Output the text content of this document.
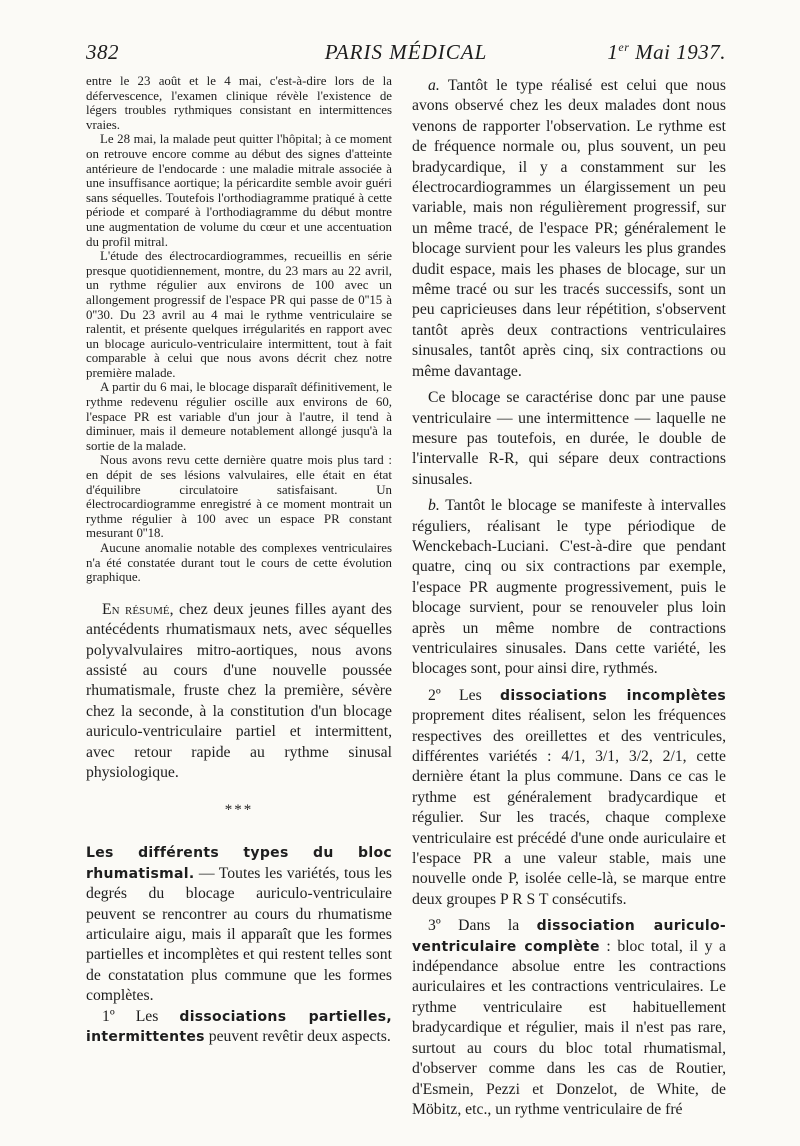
382	PARIS MÉDICAL	1er Mai 1937.

entre le 23 août et le 4 mai, c'est-à-dire lors de la défervescence, l'examen clinique révèle l'existence de légers troubles rythmiques consistant en intermittences vraies.

Le 28 mai, la malade peut quitter l'hôpital; à ce moment on retrouve encore comme au début des signes d'atteinte antérieure de l'endocarde : une maladie mitrale associée à une insuffisance aortique; la péricardite semble avoir guéri sans séquelles. Toutefois l'orthodiagramme pratiqué à cette période et comparé à l'orthodiagramme du début montre une augmentation de volume du cœur et une accentuation du profil mitral.

L'étude des électrocardiogrammes, recueillis en série presque quotidiennement, montre, du 23 mars au 22 avril, un rythme régulier aux environs de 100 avec un allongement progressif de l'espace PR qui passe de 0''15 à 0''30. Du 23 avril au 4 mai le rythme ventriculaire se ralentit, et présente quelques irrégularités en rapport avec un blocage auriculo-ventriculaire intermittent, tout à fait comparable à celui que nous avons décrit chez notre première malade.

A partir du 6 mai, le blocage disparaît définitivement, le rythme redevenu régulier oscille aux environs de 60, l'espace PR est variable d'un jour à l'autre, il tend à diminuer, mais il demeure notablement allongé jusqu'à la sortie de la malade.

Nous avons revu cette dernière quatre mois plus tard : en dépit de ses lésions valvulaires, elle était en état d'équilibre circulatoire satisfaisant. Un électrocardiogramme enregistré à ce moment montrait un rythme régulier à 100 avec un espace PR constant mesurant 0''18.

Aucune anomalie notable des complexes ventriculaires n'a été constatée durant tout le cours de cette évolution graphique.

En résumé, chez deux jeunes filles ayant des antécédents rhumatismaux nets, avec séquelles polyvalvulaires mitro-aortiques, nous avons assisté au cours d'une nouvelle poussée rhumatismale, fruste chez la première, sévère chez la seconde, à la constitution d'un blocage auriculo-ventriculaire partiel et intermittent, avec retour rapide au rythme sinusal physiologique.

***

Les différents types du bloc rhumatismal. — Toutes les variétés, tous les degrés du blocage auriculo-ventriculaire peuvent se rencontrer au cours du rhumatisme articulaire aigu, mais il apparaît que les formes partielles et incomplètes et qui restent telles sont de constatation plus commune que les formes complètes.

1º Les dissociations partielles, intermittentes peuvent revêtir deux aspects.

a. Tantôt le type réalisé est celui que nous avons observé chez les deux malades dont nous venons de rapporter l'observation. Le rythme est de fréquence normale ou, plus souvent, un peu bradycardique, il y a constamment sur les électrocardiogrammes un élargissement un peu variable, mais non régulièrement progressif, sur un même tracé, de l'espace PR; généralement le blocage survient pour les valeurs les plus grandes dudit espace, mais les phases de blocage, sur un même tracé ou sur les tracés successifs, sont un peu capricieuses dans leur répétition, s'observent tantôt après deux contractions ventriculaires sinusales, tantôt après cinq, six contractions ou même davantage.

Ce blocage se caractérise donc par une pause ventriculaire — une intermittence — laquelle ne mesure pas toutefois, en durée, le double de l'intervalle R-R, qui sépare deux contractions sinusales.

b. Tantôt le blocage se manifeste à intervalles réguliers, réalisant le type périodique de Wenckebach-Luciani. C'est-à-dire que pendant quatre, cinq ou six contractions par exemple, l'espace PR augmente progressivement, puis le blocage survient, pour se renouveler plus loin après un même nombre de contractions ventriculaires sinusales. Dans cette variété, les blocages sont, pour ainsi dire, rythmés.

2º Les dissociations incomplètes proprement dites réalisent, selon les fréquences respectives des oreillettes et des ventricules, différentes variétés : 4/1, 3/1, 3/2, 2/1, cette dernière étant la plus commune. Dans ce cas le rythme est généralement bradycardique et régulier. Sur les tracés, chaque complexe ventriculaire est précédé d'une onde auriculaire et l'espace PR a une valeur stable, mais une nouvelle onde P, isolée celle-là, se marque entre deux groupes P R S T consécutifs.

3º Dans la dissociation auriculo-ventriculaire complète : bloc total, il y a indépendance absolue entre les contractions auriculaires et les contractions ventriculaires. Le rythme ventriculaire est habituellement bradycardique et régulier, mais il n'est pas rare, surtout au cours du bloc total rhumatismal, d'observer comme dans les cas de Routier, d'Esmein, Pezzi et Donzelot, de White, de Möbitz, etc., un rythme ventriculaire de fré
